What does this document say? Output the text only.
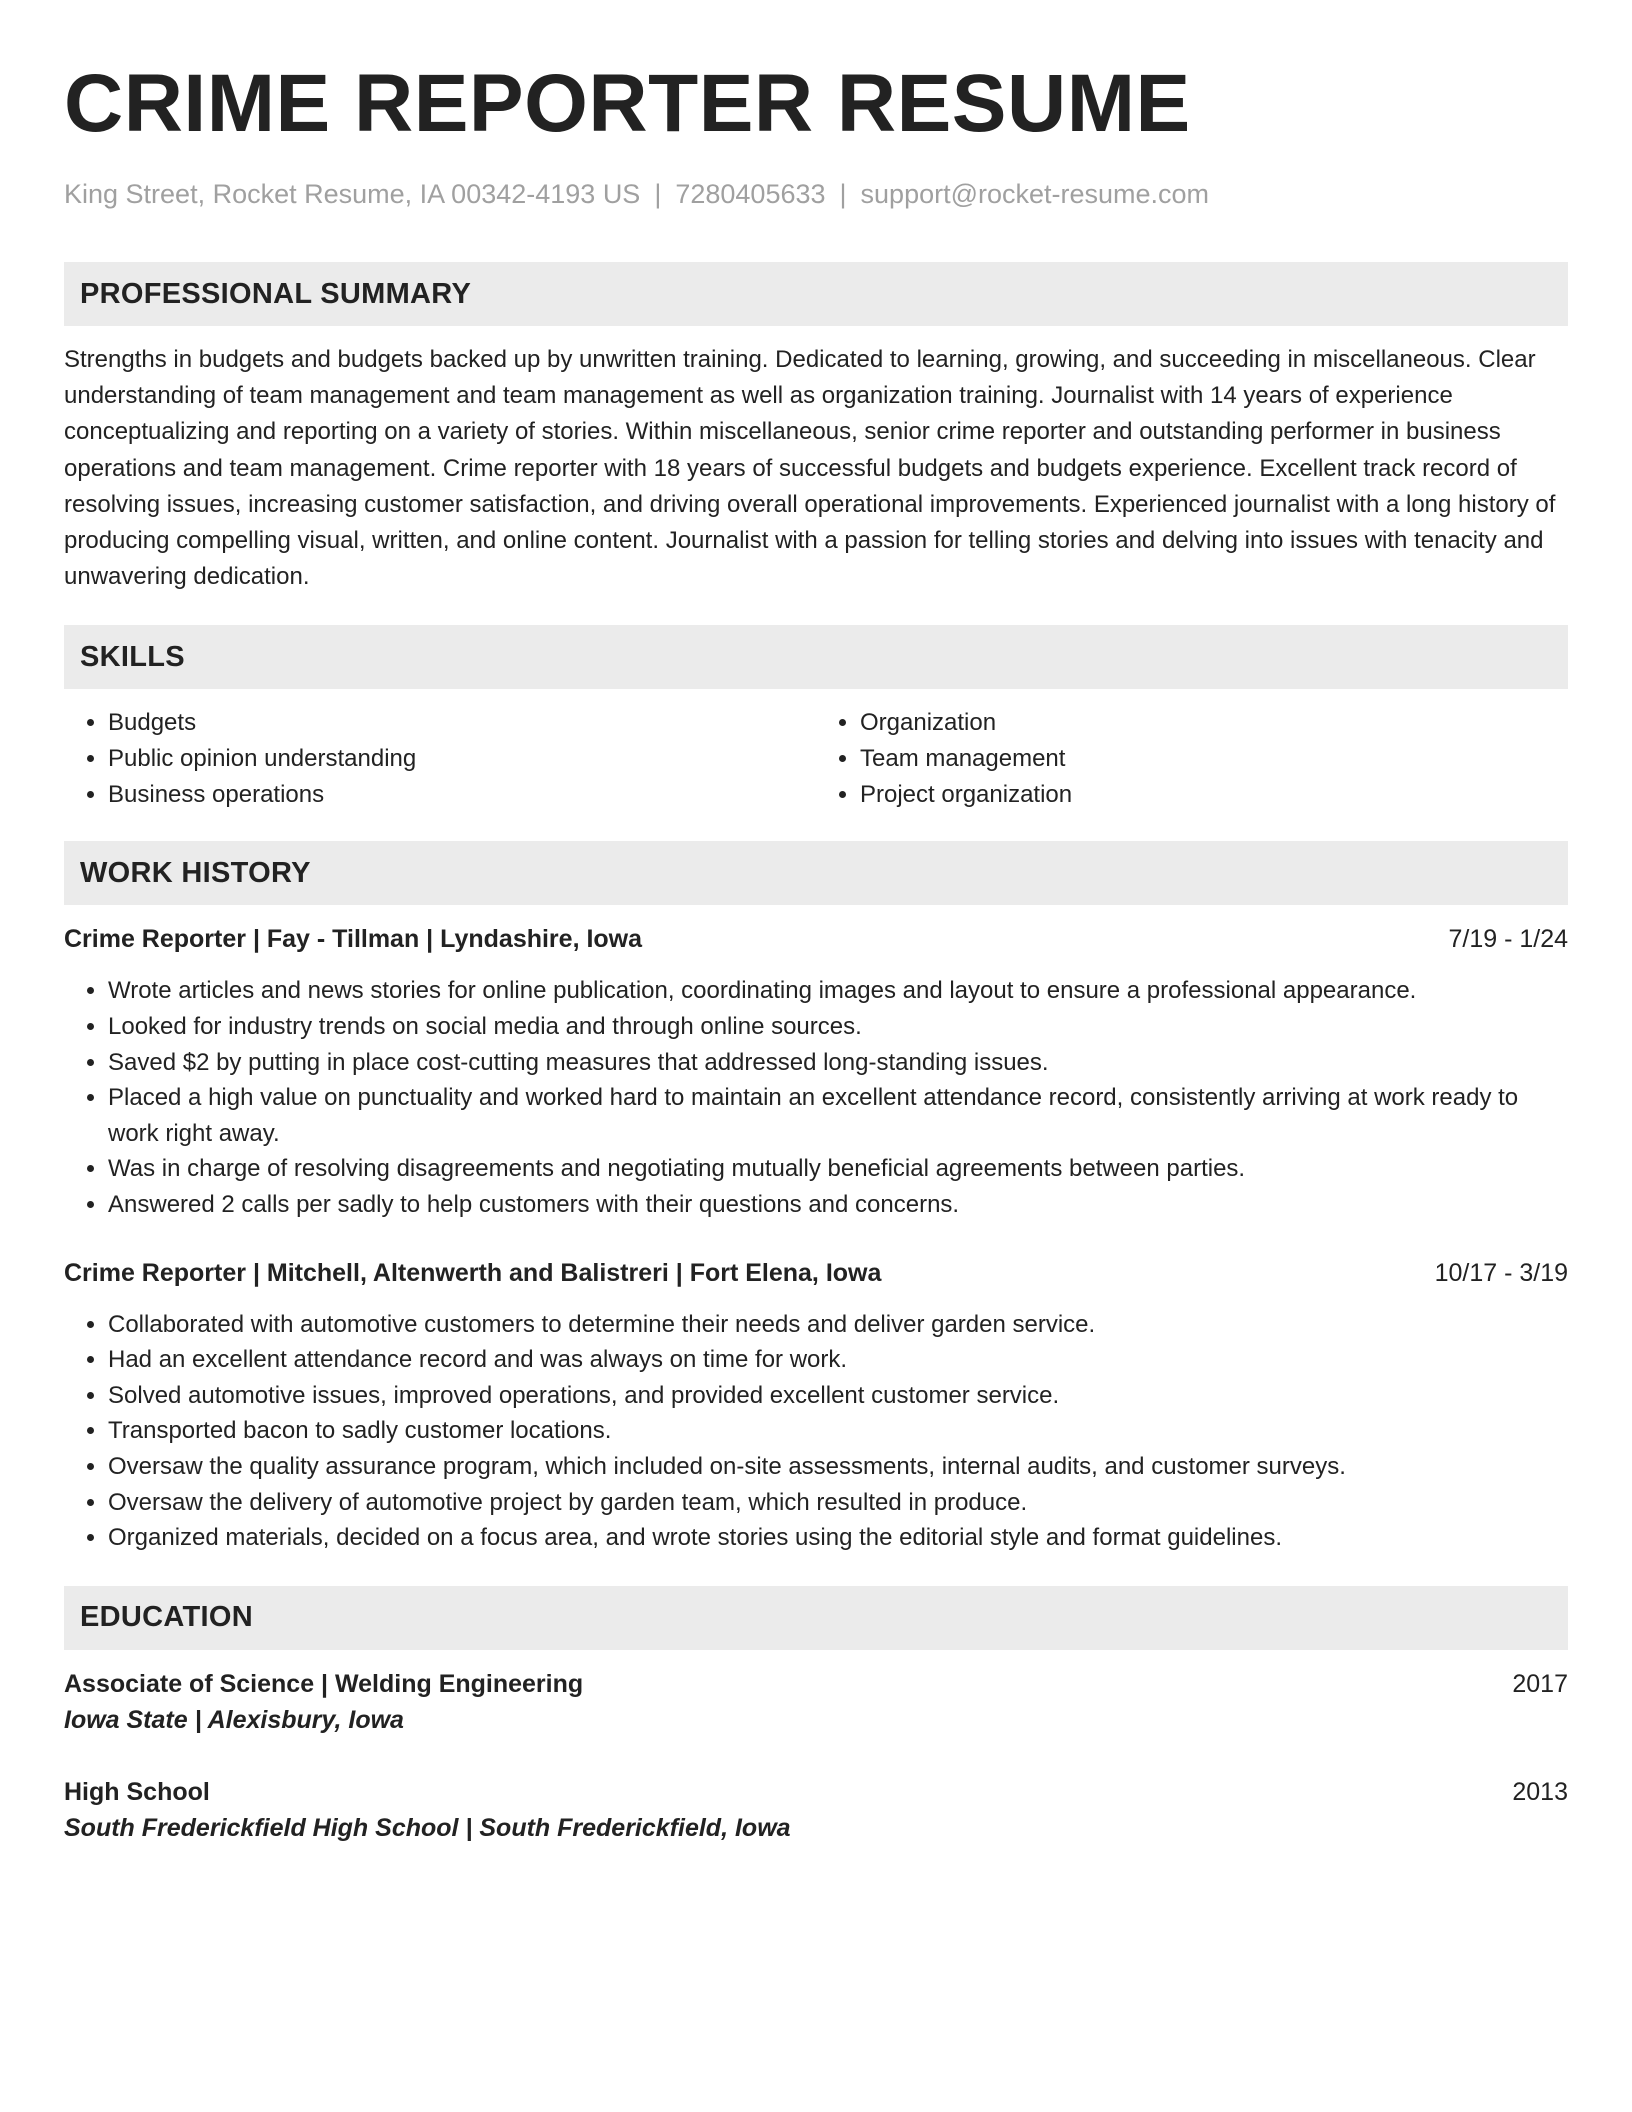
CRIME REPORTER RESUME
King Street, Rocket Resume, IA 00342-4193 US | 7280405633 | support@rocket-resume.com
PROFESSIONAL SUMMARY

Strengths in budgets and budgets backed up by unwritten training. Dedicated to learning, growing, and succeeding in miscellaneous. Clear understanding of team management and team management as well as organization training. Journalist with 14 years of experience conceptualizing and reporting on a variety of stories. Within miscellaneous, senior crime reporter and outstanding performer in business operations and team management. Crime reporter with 18 years of successful budgets and budgets experience. Excellent track record of resolving issues, increasing customer satisfaction, and driving overall operational improvements. Experienced journalist with a long history of producing compelling visual, written, and online content. Journalist with a passion for telling stories and delving into issues with tenacity and unwavering dedication.

SKILLS
• Budgets
• Public opinion understanding
• Business operations
• Organization
• Team management
• Project organization
WORK HISTORY
Crime Reporter | Fay - Tillman | Lyndashire, Iowa	7/19 - 1/24
• Wrote articles and news stories for online publication, coordinating images and layout to ensure a professional appearance.
• Looked for industry trends on social media and through online sources.
• Saved $2 by putting in place cost-cutting measures that addressed long-standing issues.
• Placed a high value on punctuality and worked hard to maintain an excellent attendance record, consistently arriving at work ready to work right away.
• Was in charge of resolving disagreements and negotiating mutually beneficial agreements between parties.
• Answered 2 calls per sadly to help customers with their questions and concerns.
Crime Reporter | Mitchell, Altenwerth and Balistreri | Fort Elena, Iowa	10/17 - 3/19
• Collaborated with automotive customers to determine their needs and deliver garden service.
• Had an excellent attendance record and was always on time for work.
• Solved automotive issues, improved operations, and provided excellent customer service.
• Transported bacon to sadly customer locations.
• Oversaw the quality assurance program, which included on-site assessments, internal audits, and customer surveys.
• Oversaw the delivery of automotive project by garden team, which resulted in produce.
• Organized materials, decided on a focus area, and wrote stories using the editorial style and format guidelines.
EDUCATION
Associate of Science | Welding Engineering	2017
Iowa State | Alexisbury, Iowa
High School	2013
South Frederickfield High School | South Frederickfield, Iowa
